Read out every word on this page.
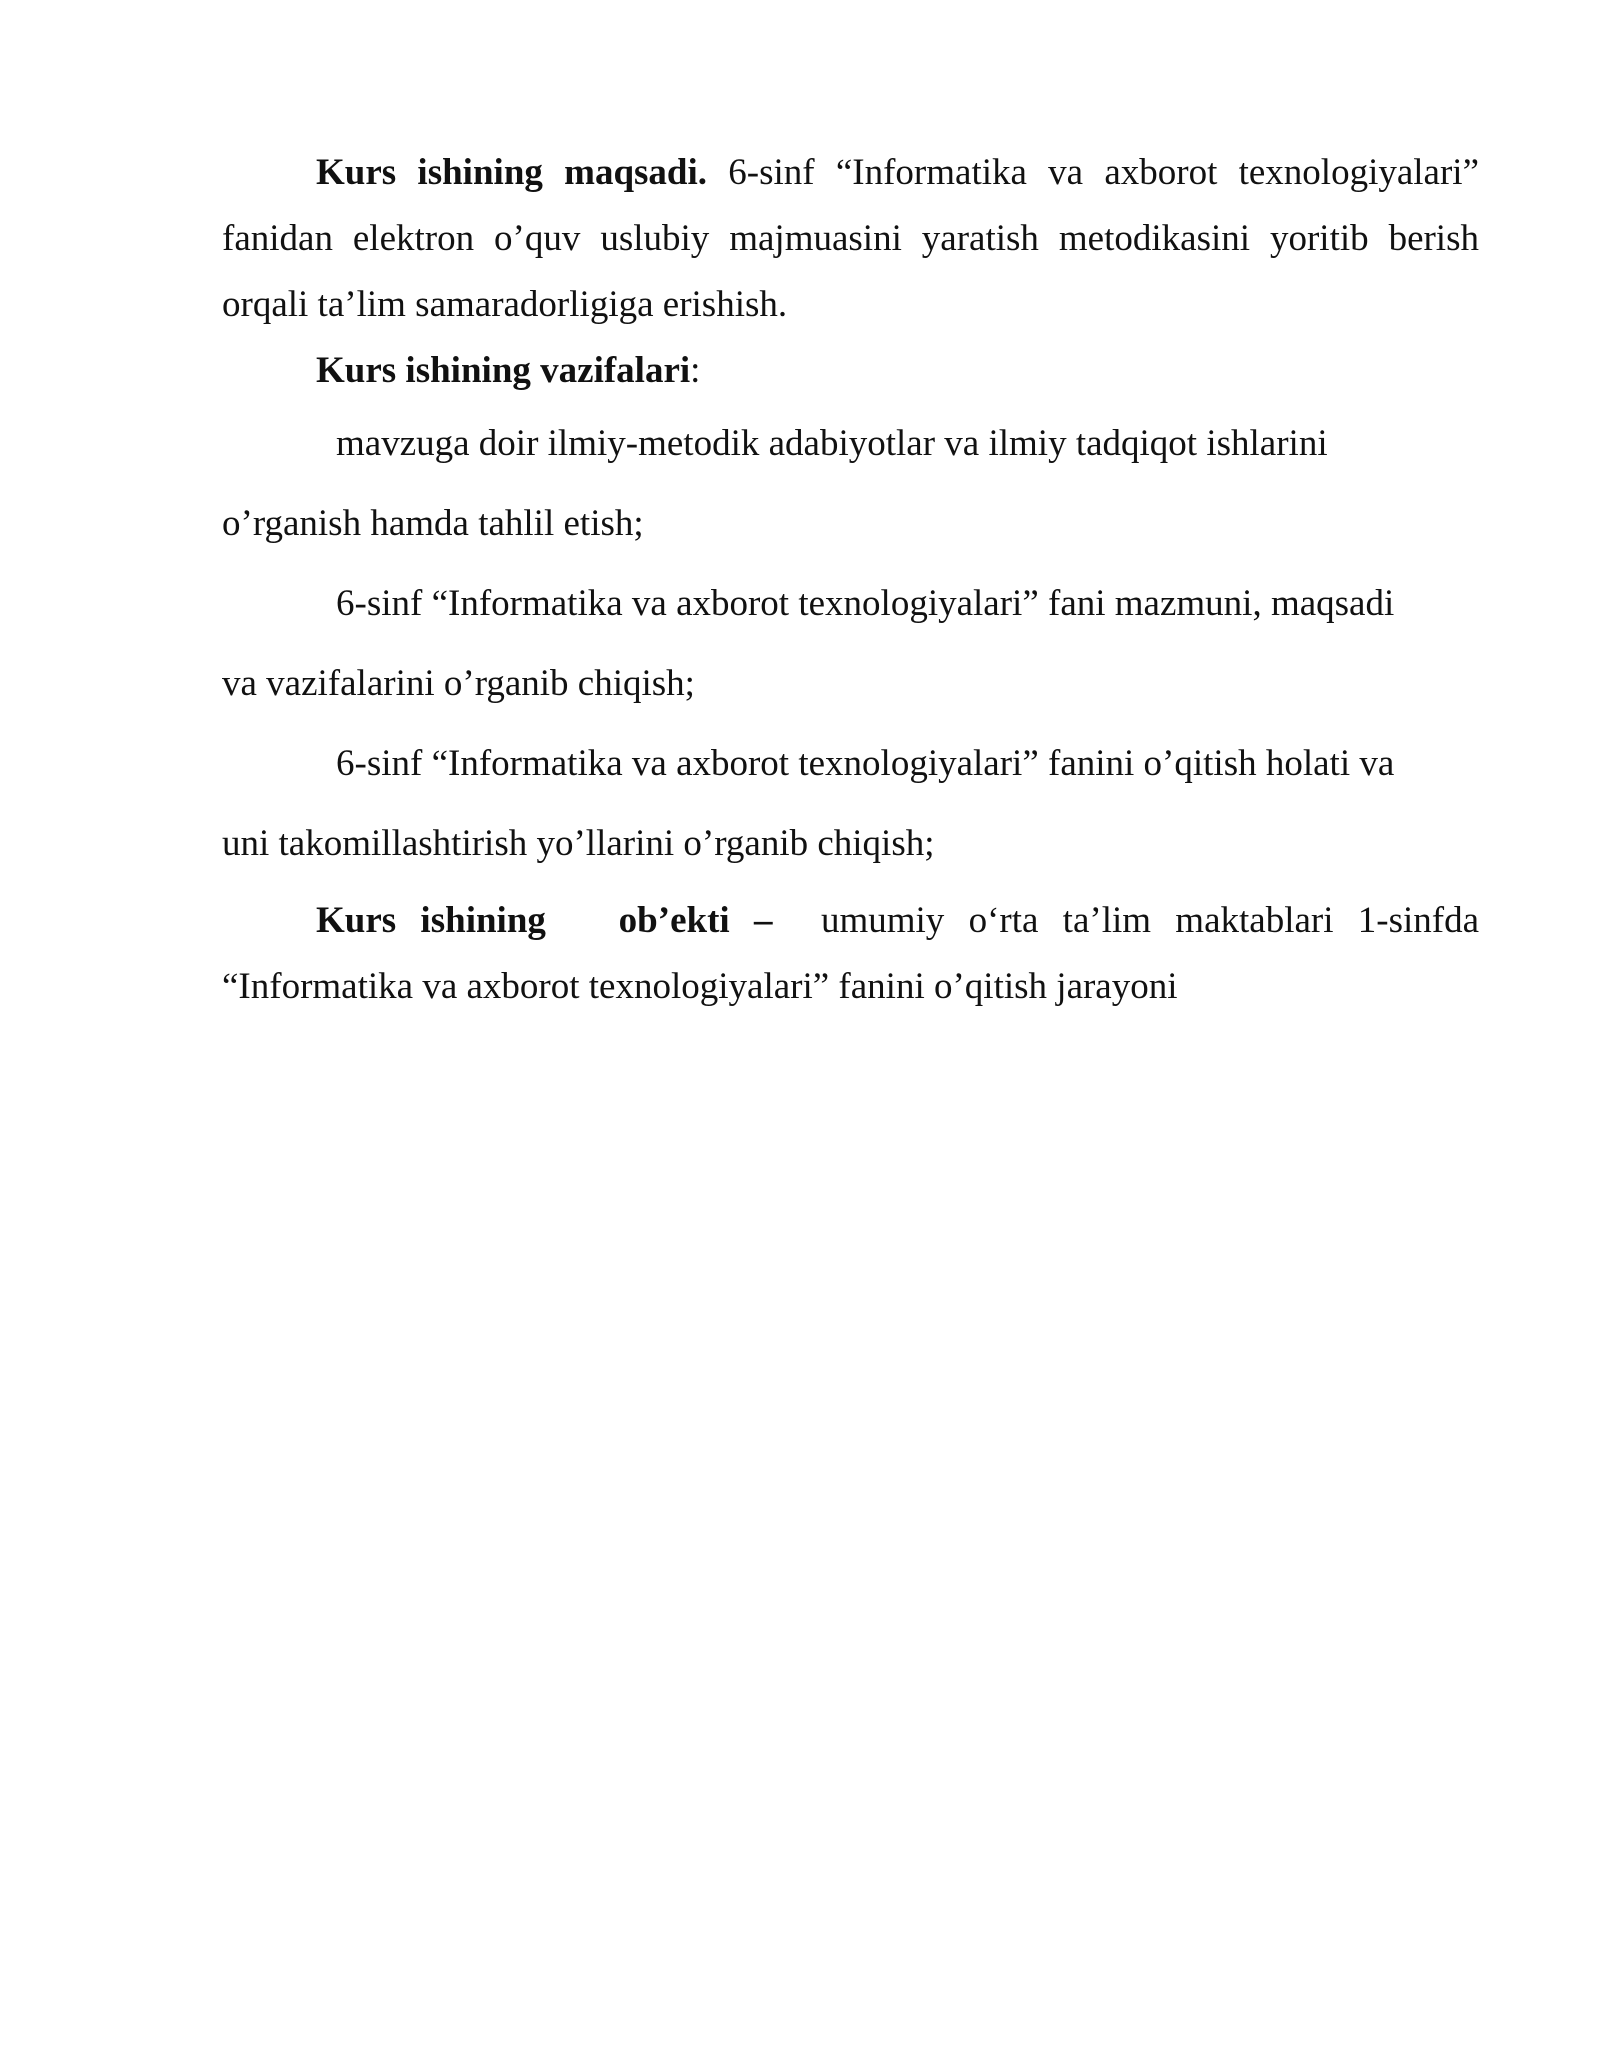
Kurs ishining maqsadi. 6-sinf “Informatika va axborot texnologiyalari” fanidan elektron o’quv uslubiy majmuasini yaratish metodikasini yoritib berish orqali ta’lim samaradorligiga erishish.

Kurs ishining vazifalari:

mavzuga doir ilmiy-metodik adabiyotlar va ilmiy tadqiqot ishlarini
o’rganish hamda tahlil etish;
6-sinf “Informatika va axborot texnologiyalari” fani mazmuni, maqsadi
va vazifalarini o’rganib chiqish;
6-sinf “Informatika va axborot texnologiyalari” fanini o’qitish holati va
uni takomillashtirish yo’llarini o’rganib chiqish;

Kurs ishining   ob’ekti –  umumiy o‘rta ta’lim maktablari 1-sinfda “Informatika va axborot texnologiyalari” fanini o’qitish jarayoni
